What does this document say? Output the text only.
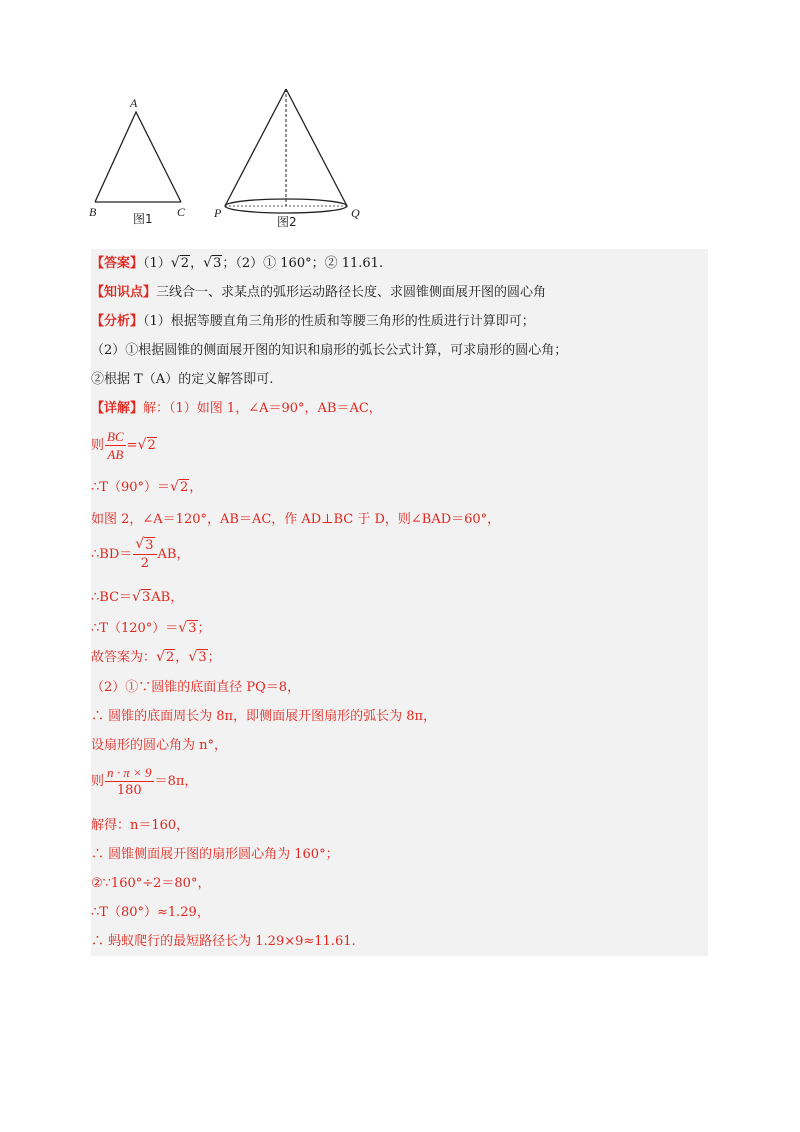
A
B	C
图1	P	Q
图2
【答案】（1） √ 2， √ 3；（2）① 160°；② 11.61.
【知识点】三线合一、求某点的弧形运动路径长度、求圆锥侧面展开图的圆心角
【分析】（1）根据等腰直角三角形的性质和等腰三角形的性质进行计算即可；
（2）①根据圆锥的侧面展开图的知识和扇形的弧长公式计算，可求扇形的圆心角；
②根据 T（A）的定义解答即可.
【详解】解：（1）如图 1，∠A＝90°，AB＝AC，
则 $\frac{BC}{AB}$ = √ 2
∴T（90°）＝ √ 2，
如图 2，∠A＝120°，AB＝AC，作 AD⊥BC 于 D，则∠BAD＝60°，
∴BD＝ √ $\frac{3}{2}$ AB，
∴BC＝ √ 3AB，
∴T（120°）＝ √ 3；
故答案为： √ 2， √ 3；
（2）①∵圆锥的底面直径 PQ＝8，
∴ 圆锥的底面周长为 8π，即侧面展开图扇形的弧长为 8π，
设扇形的圆心角为 n°，
则 $\frac{n \cdot \pi \times 9}{180} =8\pi$，
解得：n＝160，
∴ 圆锥侧面展开图的扇形圆心角为 160°；
②∵160°÷2＝80°，
∴T（80°）≈1.29，
∴ 蚂蚁爬行的最短路径长为 1.29×9≈11.61.
